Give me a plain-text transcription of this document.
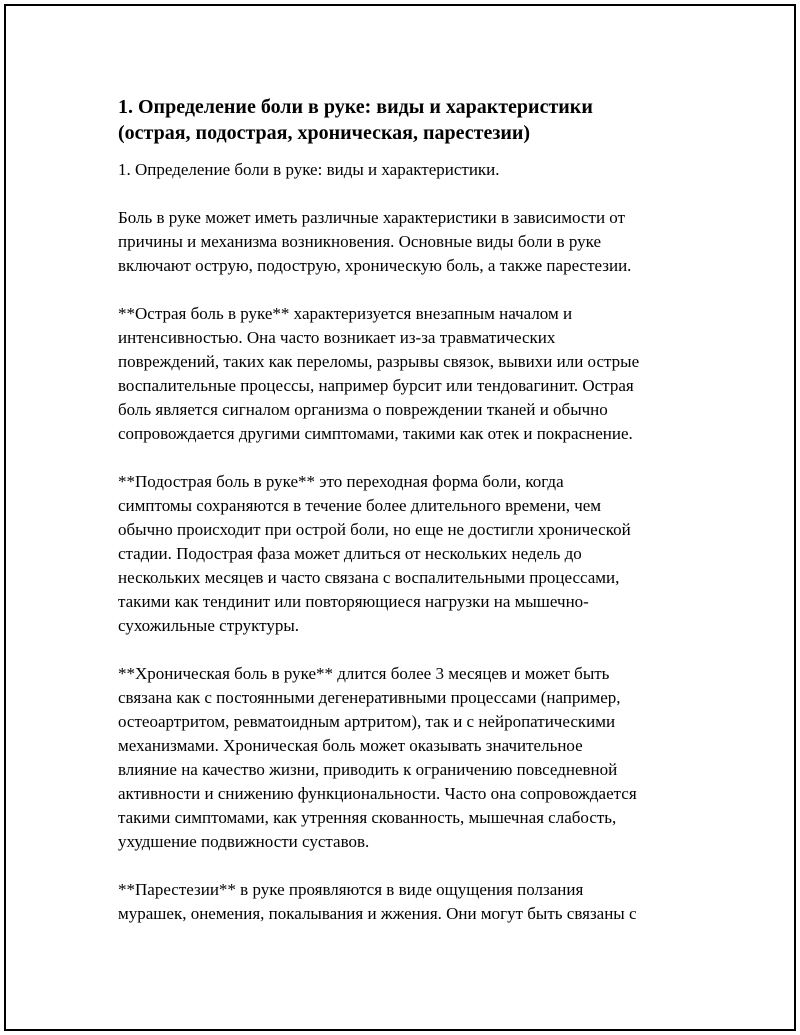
1. Определение боли в руке: виды и характеристики
(острая, подострая, хроническая, парестезии)
1. Определение боли в руке: виды и характеристики.
Боль в руке может иметь различные характеристики в зависимости от
причины и механизма возникновения. Основные виды боли в руке
включают острую, подострую, хроническую боль, а также парестезии.
**Острая боль в руке** характеризуется внезапным началом и
интенсивностью. Она часто возникает из-за травматических
повреждений, таких как переломы, разрывы связок, вывихи или острые
воспалительные процессы, например бурсит или тендовагинит. Острая
боль является сигналом организма о повреждении тканей и обычно
сопровождается другими симптомами, такими как отек и покраснение.
**Подострая боль в руке** это переходная форма боли, когда
симптомы сохраняются в течение более длительного времени, чем
обычно происходит при острой боли, но еще не достигли хронической
стадии. Подострая фаза может длиться от нескольких недель до
нескольких месяцев и часто связана с воспалительными процессами,
такими как тендинит или повторяющиеся нагрузки на мышечно-
сухожильные структуры.
**Хроническая боль в руке** длится более 3 месяцев и может быть
связана как с постоянными дегенеративными процессами (например,
остеоартритом, ревматоидным артритом), так и с нейропатическими
механизмами. Хроническая боль может оказывать значительное
влияние на качество жизни, приводить к ограничению повседневной
активности и снижению функциональности. Часто она сопровождается
такими симптомами, как утренняя скованность, мышечная слабость,
ухудшение подвижности суставов.
**Парестезии** в руке проявляются в виде ощущения ползания
мурашек, онемения, покалывания и жжения. Они могут быть связаны с
